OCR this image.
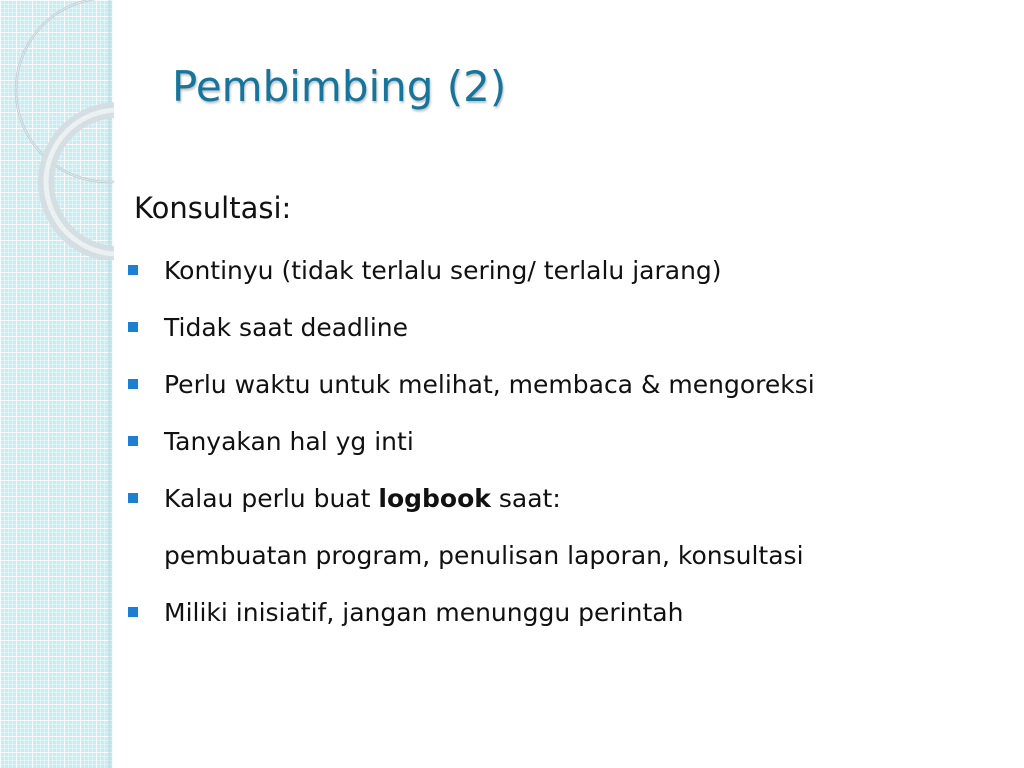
Pembimbing (2)
Konsultasi:
Kontinyu (tidak terlalu sering/ terlalu jarang)
Tidak saat deadline
Perlu waktu untuk melihat, membaca & mengoreksi
Tanyakan hal yg inti
Kalau perlu buat logbook saat:
pembuatan program, penulisan laporan, konsultasi
Miliki inisiatif, jangan menunggu perintah
